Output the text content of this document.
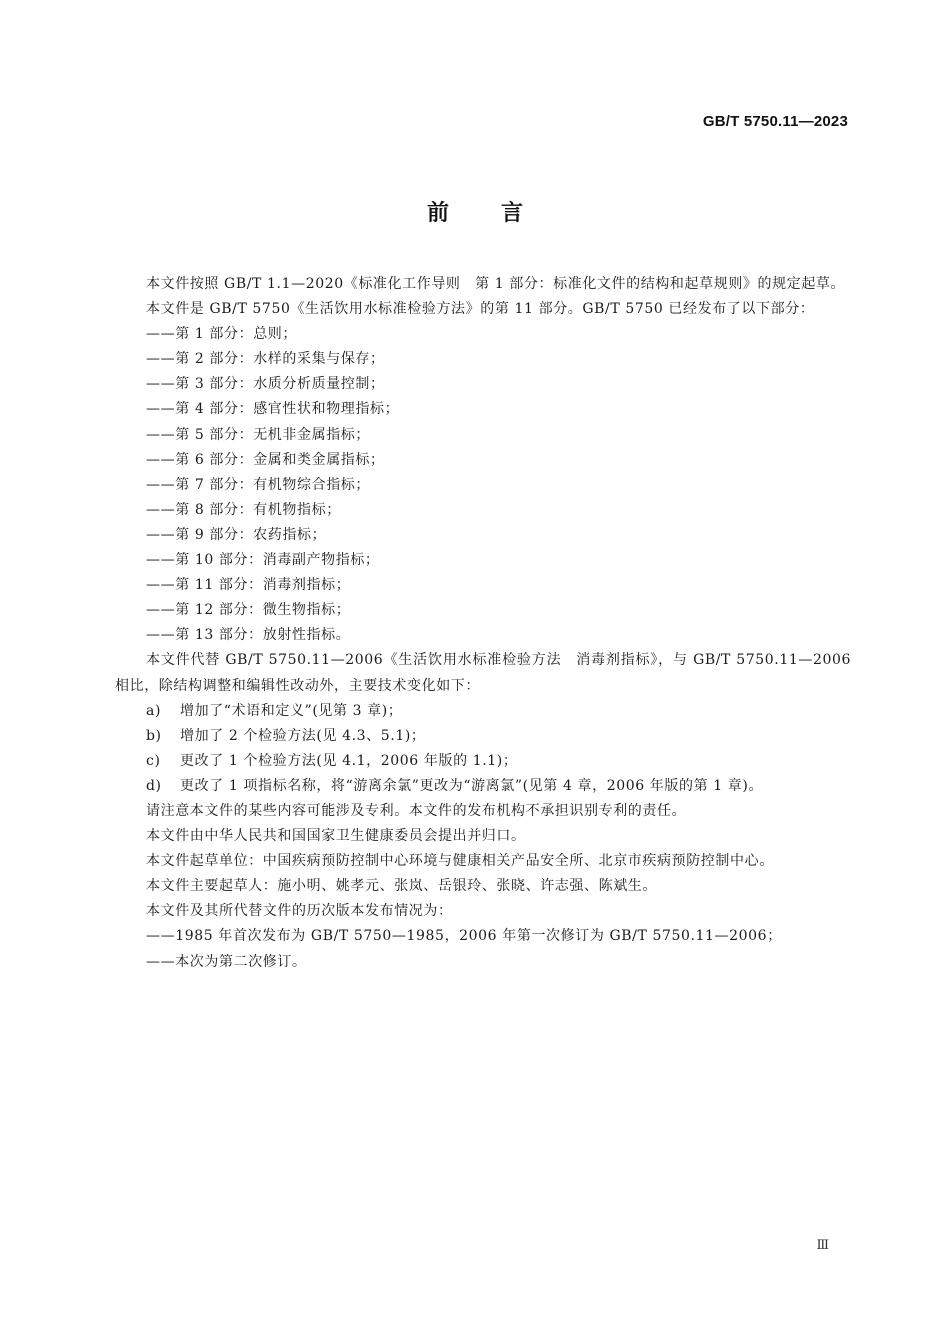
GB/T 5750.11—2023
前言

本文件按照 GB/T 1.1—2020《标准化工作导则　第 1 部分：标准化文件的结构和起草规则》的规定起草。

本文件是 GB/T 5750《生活饮用水标准检验方法》的第 11 部分。GB/T 5750 已经发布了以下部分：

——第 1 部分：总则；

——第 2 部分：水样的采集与保存；

——第 3 部分：水质分析质量控制；

——第 4 部分：感官性状和物理指标；

——第 5 部分：无机非金属指标；

——第 6 部分：金属和类金属指标；

——第 7 部分：有机物综合指标；

——第 8 部分：有机物指标；

——第 9 部分：农药指标；

——第 10 部分：消毒副产物指标；

——第 11 部分：消毒剂指标；

——第 12 部分：微生物指标；

——第 13 部分：放射性指标。

本文件代替 GB/T 5750.11—2006《生活饮用水标准检验方法　消毒剂指标》，与 GB/T 5750.11—2006 相比，除结构调整和编辑性改动外，主要技术变化如下：

a) 增加了“术语和定义”(见第 3 章)；

b) 增加了 2 个检验方法(见 4.3、5.1)；

c) 更改了 1 个检验方法(见 4.1，2006 年版的 1.1)；

d) 更改了 1 项指标名称，将“游离余氯”更改为“游离氯”(见第 4 章，2006 年版的第 1 章)。

请注意本文件的某些内容可能涉及专利。本文件的发布机构不承担识别专利的责任。

本文件由中华人民共和国国家卫生健康委员会提出并归口。

本文件起草单位：中国疾病预防控制中心环境与健康相关产品安全所、北京市疾病预防控制中心。

本文件主要起草人：施小明、姚孝元、张岚、岳银玲、张晓、许志强、陈斌生。

本文件及其所代替文件的历次版本发布情况为：

——1985 年首次发布为 GB/T 5750—1985，2006 年第一次修订为 GB/T 5750.11—2006；

——本次为第二次修订。

Ⅲ
